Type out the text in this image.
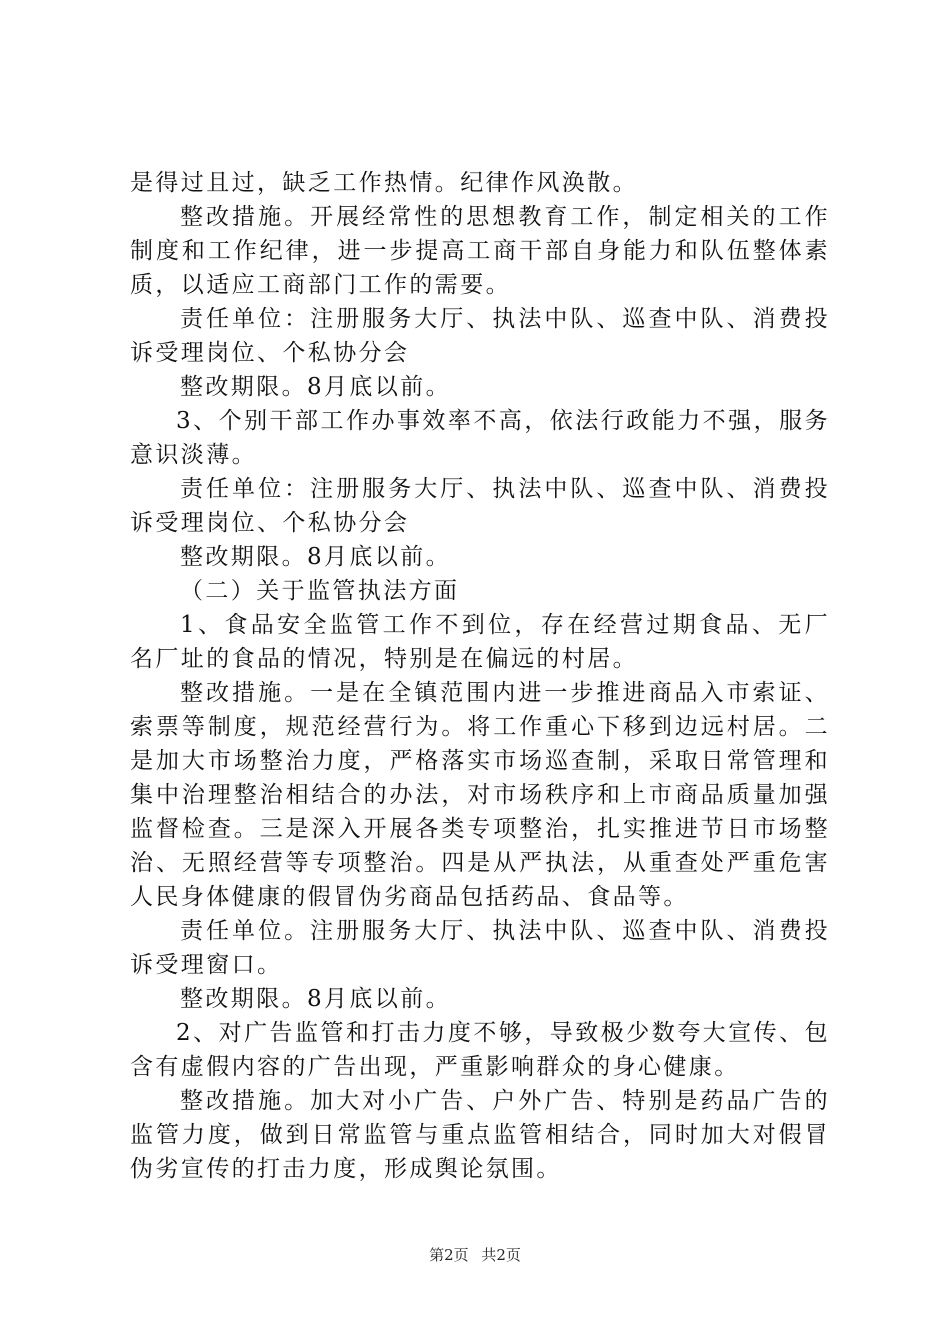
是得过且过，缺乏工作热情。纪律作风涣散。

整改措施。开展经常性的思想教育工作，制定相关的工作制度和工作纪律，进一步提高工商干部自身能力和队伍整体素质，以适应工商部门工作的需要。

责任单位：注册服务大厅、执法中队、巡查中队、消费投诉受理岗位、个私协分会

整改期限。8月底以前。

3、个别干部工作办事效率不高，依法行政能力不强，服务意识淡薄。

责任单位：注册服务大厅、执法中队、巡查中队、消费投诉受理岗位、个私协分会

整改期限。8月底以前。

（二）关于监管执法方面

1、食品安全监管工作不到位，存在经营过期食品、无厂名厂址的食品的情况，特别是在偏远的村居。

整改措施。一是在全镇范围内进一步推进商品入市索证、索票等制度，规范经营行为。将工作重心下移到边远村居。二是加大市场整治力度，严格落实市场巡查制，采取日常管理和集中治理整治相结合的办法，对市场秩序和上市商品质量加强监督检查。三是深入开展各类专项整治，扎实推进节日市场整治、无照经营等专项整治。四是从严执法，从重查处严重危害人民身体健康的假冒伪劣商品包括药品、食品等。

责任单位。注册服务大厅、执法中队、巡查中队、消费投诉受理窗口。

整改期限。8月底以前。

2、对广告监管和打击力度不够，导致极少数夸大宣传、包含有虚假内容的广告出现，严重影响群众的身心健康。

整改措施。加大对小广告、户外广告、特别是药品广告的监管力度，做到日常监管与重点监管相结合，同时加大对假冒伪劣宣传的打击力度，形成舆论氛围。

第2页 共2页
